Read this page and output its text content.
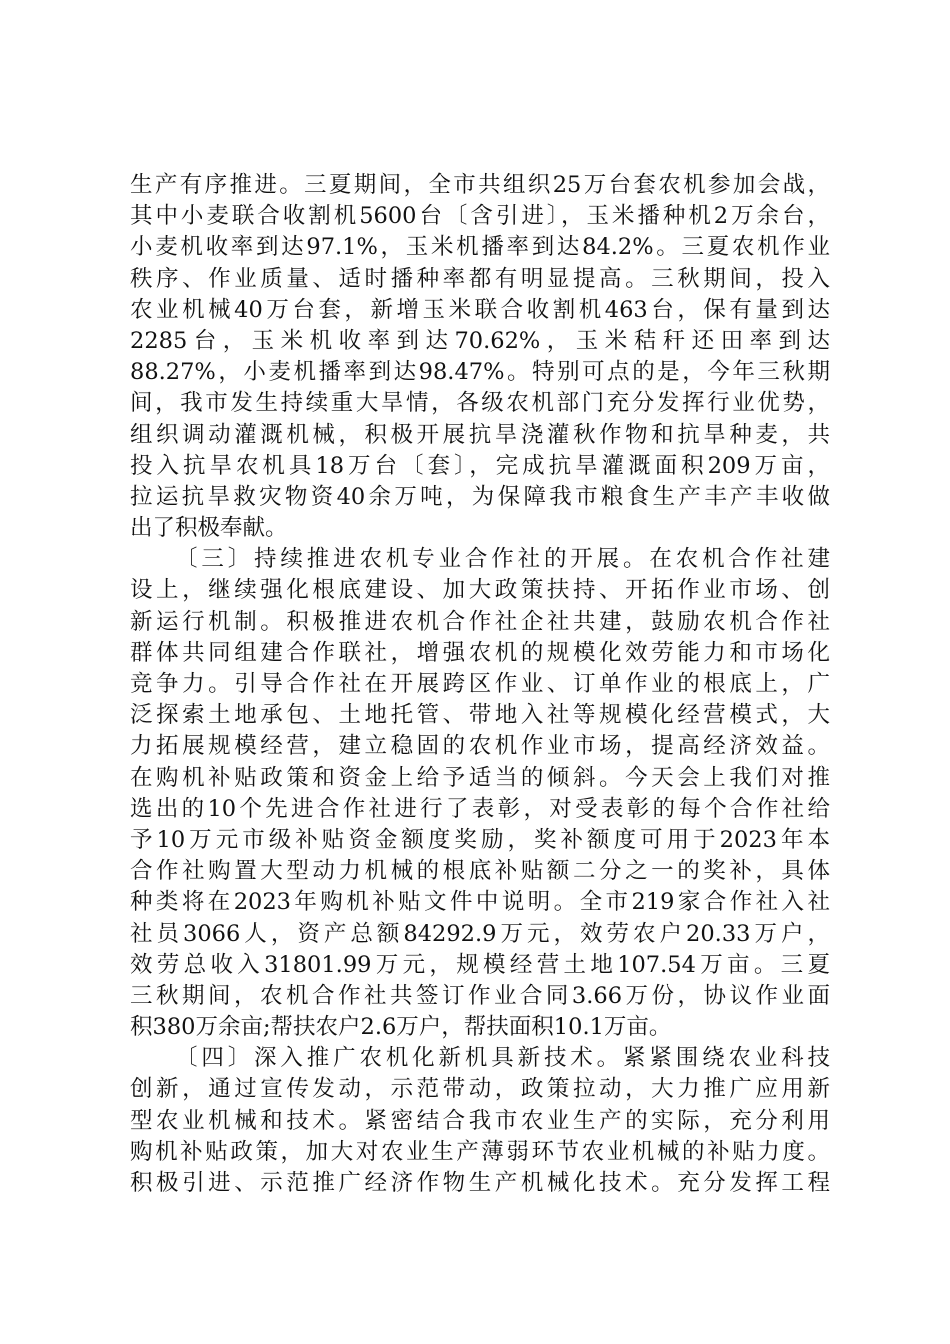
生产有序推进。三夏期间，全市共组织25万台套农机参加会战，
其中小麦联合收割机5600台〔含引进〕，玉米播种机2万余台，
小麦机收率到达97.1%，玉米机播率到达84.2%。三夏农机作业
秩序、作业质量、适时播种率都有明显提高。三秋期间，投入
农业机械40万台套，新增玉米联合收割机463台，保有量到达
2285台，玉米机收率到达70.62%，玉米秸秆还田率到达
88.27%，小麦机播率到达98.47%。特别可点的是，今年三秋期
间，我市发生持续重大旱情，各级农机部门充分发挥行业优势，
组织调动灌溉机械，积极开展抗旱浇灌秋作物和抗旱种麦，共
投入抗旱农机具18万台〔套〕，完成抗旱灌溉面积209万亩，
拉运抗旱救灾物资40余万吨，为保障我市粮食生产丰产丰收做
出了积极奉献。
〔三〕持续推进农机专业合作社的开展。在农机合作社建
设上，继续强化根底建设、加大政策扶持、开拓作业市场、创
新运行机制。积极推进农机合作社企社共建，鼓励农机合作社
群体共同组建合作联社，增强农机的规模化效劳能力和市场化
竞争力。引导合作社在开展跨区作业、订单作业的根底上，广
泛探索土地承包、土地托管、带地入社等规模化经营模式，大
力拓展规模经营，建立稳固的农机作业市场，提高经济效益。
在购机补贴政策和资金上给予适当的倾斜。今天会上我们对推
选出的10个先进合作社进行了表彰，对受表彰的每个合作社给
予10万元市级补贴资金额度奖励，奖补额度可用于2023年本
合作社购置大型动力机械的根底补贴额二分之一的奖补，具体
种类将在2023年购机补贴文件中说明。全市219家合作社入社
社员3066人，资产总额84292.9万元，效劳农户20.33万户，
效劳总收入31801.99万元，规模经营土地107.54万亩。三夏
三秋期间，农机合作社共签订作业合同3.66万份，协议作业面
积380万余亩;帮扶农户2.6万户，帮扶面积10.1万亩。
〔四〕深入推广农机化新机具新技术。紧紧围绕农业科技
创新，通过宣传发动，示范带动，政策拉动，大力推广应用新
型农业机械和技术。紧密结合我市农业生产的实际，充分利用
购机补贴政策，加大对农业生产薄弱环节农业机械的补贴力度。
积极引进、示范推广经济作物生产机械化技术。充分发挥工程
